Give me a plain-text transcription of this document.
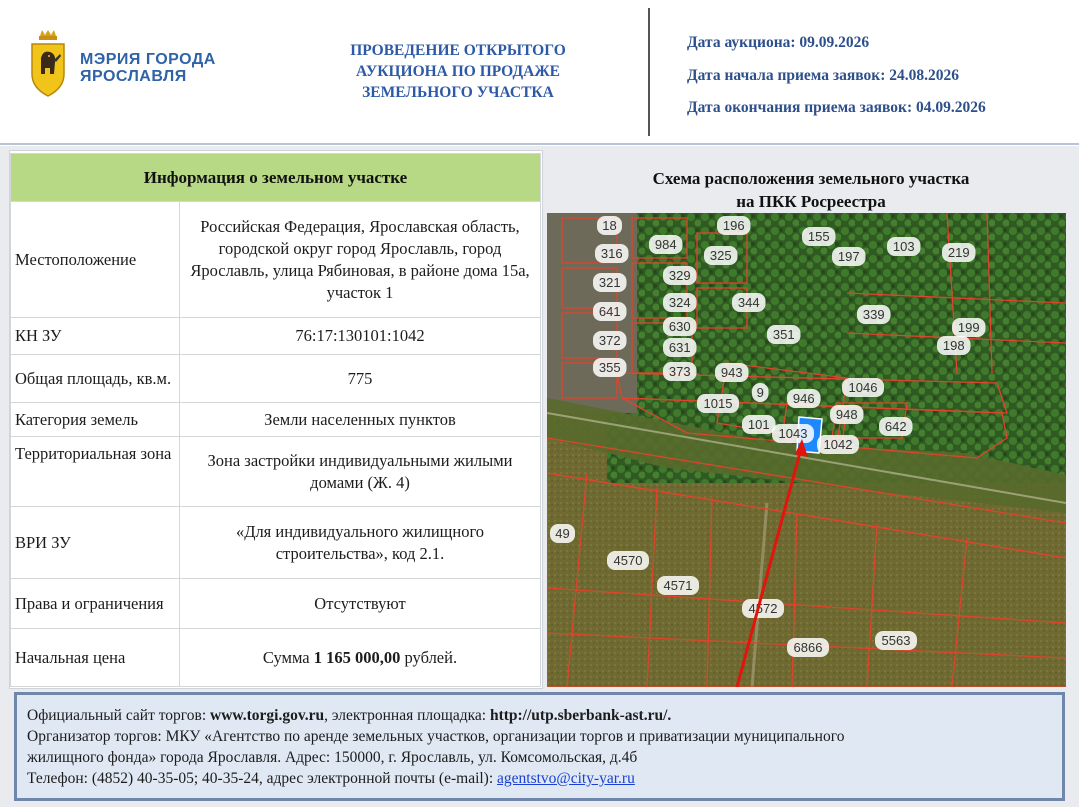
МЭРИЯ ГОРОДА
ЯРОСЛАВЛЯ
ПРОВЕДЕНИЕ ОТКРЫТОГО
АУКЦИОНА ПО ПРОДАЖЕ
ЗЕМЕЛЬНОГО УЧАСТКА
Дата аукциона: 09.09.2026
Дата начала приема заявок: 24.08.2026
Дата окончания приема заявок: 04.09.2026
Информация о земельном участке	
Местоположение	Российская Федерация, Ярославская область, городской округ город Ярославль, город Ярославль, улица Рябиновая, в районе дома 15а, участок 1
КН ЗУ	76:17:130101:1042
Общая площадь, кв.м.	775
Категория земель	Земли населенных пунктов
Территориальная зона	Зона застройки индивидуальными жилыми домами (Ж. 4)
ВРИ ЗУ	«Для индивидуального жилищного строительства», код 2.1.
Права и ограничения	Отсутствуют
Начальная цена	Сумма 1 165 000,00 рублей.
Схема расположения земельного участка
на ПКК Росреестра
18	196
155
197
103	219
316
984
325
321	329
324	344
641
630
339
351	199
372	631	198
355	373 943
1046
1015
9 946
101
1043
948
642
1042
49
4570
4571
4572
6866	5563
Официальный сайт торгов: www.torgi.gov.ru, электронная площадка: http://utp.sberbank-ast.ru/.
Организатор торгов: МКУ «Агентство по аренде земельных участков, организации торгов и приватизации муниципального
жилищного фонда» города Ярославля. Адрес: 150000, г. Ярославль, ул. Комсомольская, д.4б
Телефон: (4852) 40-35-05; 40-35-24, адрес электронной почты (e-mail): agentstvo@city-yar.ru
